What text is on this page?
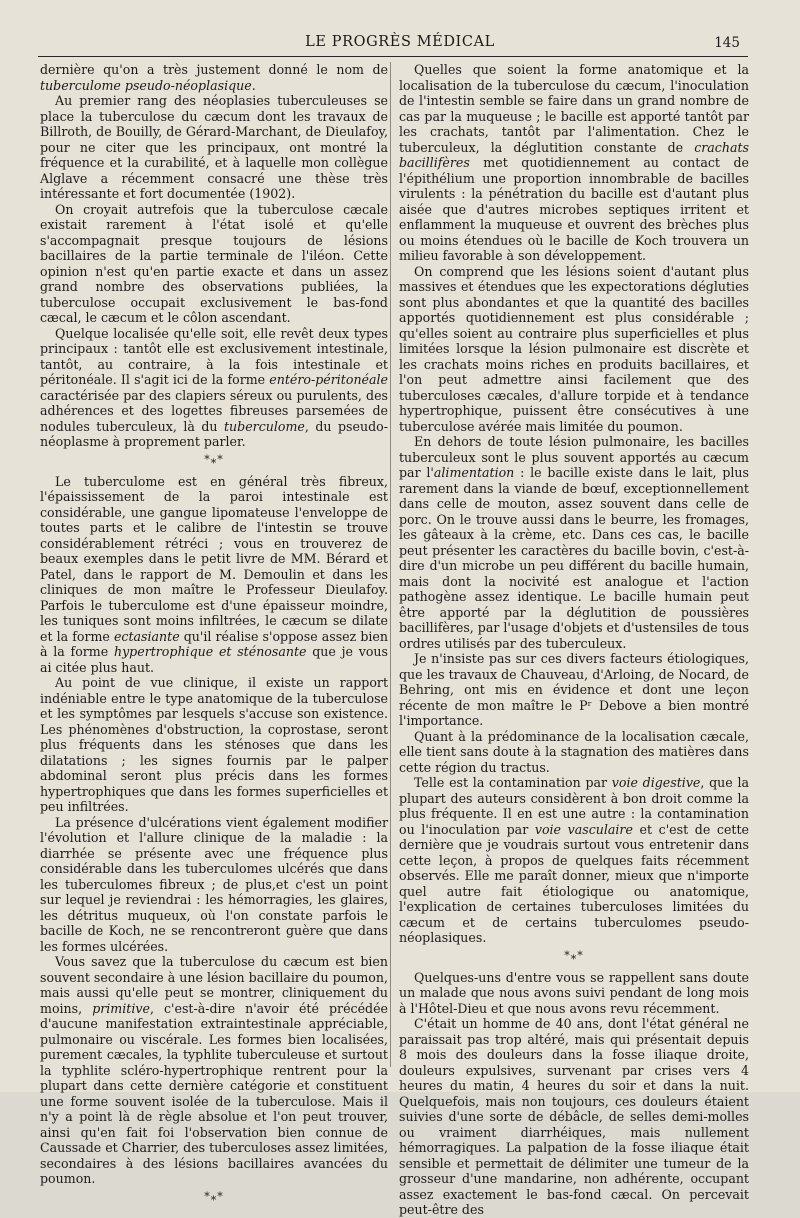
LE PROGRÈS MÉDICAL	145

dernière qu'on a très justement donné le nom de tuberculome pseudo-néoplasique.

Au premier rang des néoplasies tuberculeuses se place la tuberculose du cæcum dont les travaux de Billroth, de Bouilly, de Gérard-Marchant, de Dieulafoy, pour ne citer que les principaux, ont montré la fréquence et la curabilité, et à laquelle mon collègue Alglave a récemment consacré une thèse très intéressante et fort documentée (1902).

On croyait autrefois que la tuberculose cæcale existait rarement à l'état isolé et qu'elle s'accompagnait presque toujours de lésions bacillaires de la partie terminale de l'iléon. Cette opinion n'est qu'en partie exacte et dans un assez grand nombre des observations publiées, la tuberculose occupait exclusivement le bas-fond cæcal, le cæcum et le côlon ascendant.

Quelque localisée qu'elle soit, elle revêt deux types principaux : tantôt elle est exclusivement intestinale, tantôt, au contraire, à la fois intestinale et péritonéale. Il s'agit ici de la forme entéro-péritonéale caractérisée par des clapiers séreux ou purulents, des adhérences et des logettes fibreuses parsemées de nodules tuberculeux, là du tuberculome, du pseudo-néoplasme à proprement parler.

*⁎*

Le tuberculome est en général très fibreux, l'épaississement de la paroi intestinale est considérable, une gangue lipomateuse l'enveloppe de toutes parts et le calibre de l'intestin se trouve considérablement rétréci ; vous en trouverez de beaux exemples dans le petit livre de MM. Bérard et Patel, dans le rapport de M. Demoulin et dans les cliniques de mon maître le Professeur Dieulafoy. Parfois le tuberculome est d'une épaisseur moindre, les tuniques sont moins infiltrées, le cæcum se dilate et la forme ectasiante qu'il réalise s'oppose assez bien à la forme hypertrophique et sténosante que je vous ai citée plus haut.

Au point de vue clinique, il existe un rapport indéniable entre le type anatomique de la tuberculose et les symptômes par lesquels s'accuse son existence. Les phénomènes d'obstruction, la coprostase, seront plus fréquents dans les sténoses que dans les dilatations ; les signes fournis par le palper abdominal seront plus précis dans les formes hypertrophiques que dans les formes superficielles et peu infiltrées.

La présence d'ulcérations vient également modifier l'évolution et l'allure clinique de la maladie : la diarrhée se présente avec une fréquence plus considérable dans les tuberculomes ulcérés que dans les tuberculomes fibreux ; de plus,et c'est un point sur lequel je reviendrai : les hémorragies, les glaires, les détritus muqueux, où l'on constate parfois le bacille de Koch, ne se rencontreront guère que dans les formes ulcérées.

Vous savez que la tuberculose du cæcum est bien souvent secondaire à une lésion bacillaire du poumon, mais aussi qu'elle peut se montrer, cliniquement du moins, primitive, c'est-à-dire n'avoir été précédée d'aucune manifestation extraintestinale appréciable, pulmonaire ou viscérale. Les formes bien localisées, purement cæcales, la typhlite tuberculeuse et surtout la typhlite scléro-hypertrophique rentrent pour la plupart dans cette dernière catégorie et constituent une forme souvent isolée de la tuberculose. Mais il n'y a point là de règle absolue et l'on peut trouver, ainsi qu'en fait foi l'observation bien connue de Caussade et Charrier, des tuberculoses assez limitées, secondaires à des lésions bacillaires avancées du poumon.

*⁎*

Quelles que soient la forme anatomique et la localisation de la tuberculose du cæcum, l'inoculation de l'intestin semble se faire dans un grand nombre de cas par la muqueuse ; le bacille est apporté tantôt par les crachats, tantôt par l'alimentation. Chez le tuberculeux, la déglutition constante de crachats bacillifères met quotidiennement au contact de l'épithélium une proportion innombrable de bacilles virulents : la pénétration du bacille est d'autant plus aisée que d'autres microbes septiques irritent et enflamment la muqueuse et ouvrent des brèches plus ou moins étendues où le bacille de Koch trouvera un milieu favorable à son développement.

On comprend que les lésions soient d'autant plus massives et étendues que les expectorations dégluties sont plus abondantes et que la quantité des bacilles apportés quotidiennement est plus considérable ; qu'elles soient au contraire plus superficielles et plus limitées lorsque la lésion pulmonaire est discrète et les crachats moins riches en produits bacillaires, et l'on peut admettre ainsi facilement que des tuberculoses cæcales, d'allure torpide et à tendance hypertrophique, puissent être consécutives à une tuberculose avérée mais limitée du poumon.

En dehors de toute lésion pulmonaire, les bacilles tuberculeux sont le plus souvent apportés au cæcum par l'alimentation : le bacille existe dans le lait, plus rarement dans la viande de bœuf, exceptionnellement dans celle de mouton, assez souvent dans celle de porc. On le trouve aussi dans le beurre, les fromages, les gâteaux à la crème, etc. Dans ces cas, le bacille peut présenter les caractères du bacille bovin, c'est-à-dire d'un microbe un peu différent du bacille humain, mais dont la nocivité est analogue et l'action pathogène assez identique. Le bacille humain peut être apporté par la déglutition de poussières bacillifères, par l'usage d'objets et d'ustensiles de tous ordres utilisés par des tuberculeux.

Je n'insiste pas sur ces divers facteurs étiologiques, que les travaux de Chauveau, d'Arloing, de Nocard, de Behring, ont mis en évidence et dont une leçon récente de mon maître le Pʳ Debove a bien montré l'importance.

Quant à la prédominance de la localisation cæcale, elle tient sans doute à la stagnation des matières dans cette région du tractus.

Telle est la contamination par voie digestive, que la plupart des auteurs considèrent à bon droit comme la plus fréquente. Il en est une autre : la contamination ou l'inoculation par voie vasculaire et c'est de cette dernière que je voudrais surtout vous entretenir dans cette leçon, à propos de quelques faits récemment observés. Elle me paraît donner, mieux que n'importe quel autre fait étiologique ou anatomique, l'explication de certaines tuberculoses limitées du cæcum et de certains tuberculomes pseudo-néoplasiques.

*⁎*

Quelques-uns d'entre vous se rappellent sans doute un malade que nous avons suivi pendant de long mois à l'Hôtel-Dieu et que nous avons revu récemment.

C'était un homme de 40 ans, dont l'état général ne paraissait pas trop altéré, mais qui présentait depuis 8 mois des douleurs dans la fosse iliaque droite, douleurs expulsives, survenant par crises vers 4 heures du matin, 4 heures du soir et dans la nuit. Quelquefois, mais non toujours, ces douleurs étaient suivies d'une sorte de débâcle, de selles demi-molles ou vraiment diarrhéiques, mais nullement hémorragiques. La palpation de la fosse iliaque était sensible et permettait de délimiter une tumeur de la grosseur d'une mandarine, non adhérente, occupant assez exactement le bas-fond cæcal. On percevait peut-être des
